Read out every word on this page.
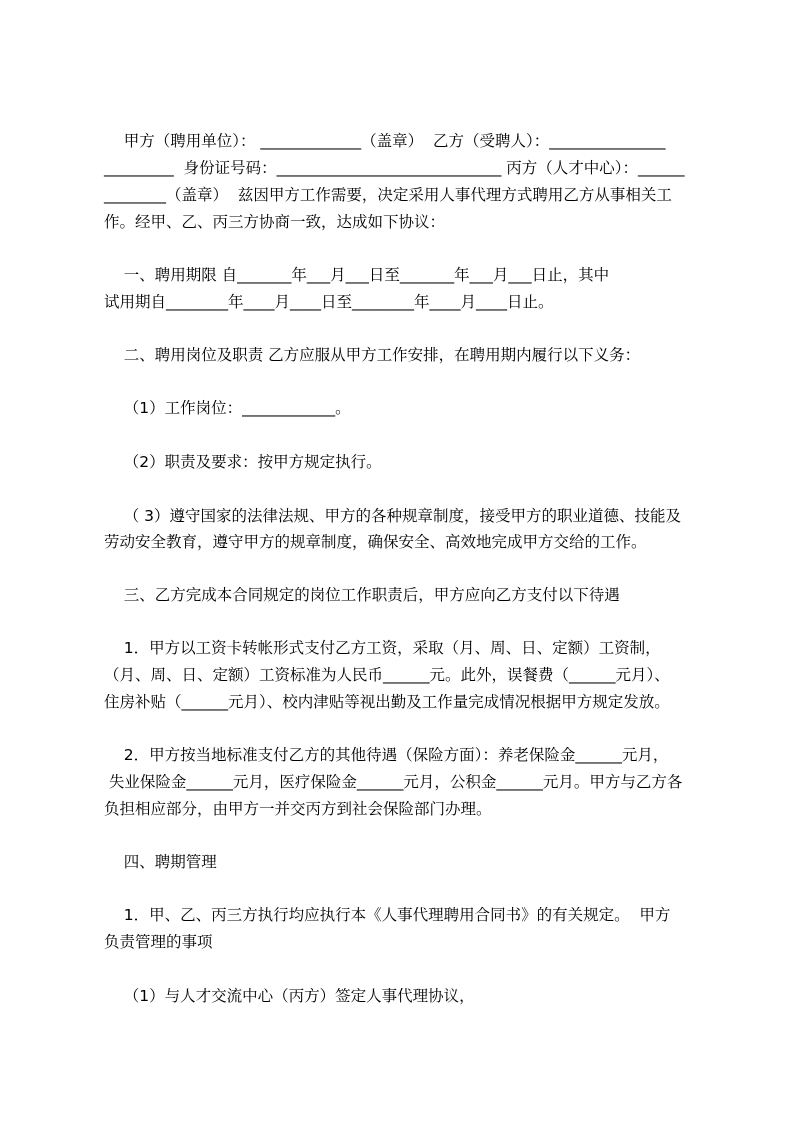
甲方（聘用单位）： _____________（盖章）  乙方（受聘人）：_______________
_________  身份证号码：_____________________________ 丙方（人才中心）：______
________（盖章）  兹因甲方工作需要，决定采用人事代理方式聘用乙方从事相关工
作。经甲、乙、丙三方协商一致，达成如下协议：
一、聘用期限 自_______年___月___日至_______年___月___日止，其中
试用期自________年____月____日至________年____月____日止。
二、聘用岗位及职责 乙方应服从甲方工作安排，在聘用期内履行以下义务：
（1）工作岗位：____________。
（2）职责及要求：按甲方规定执行。
（ 3）遵守国家的法律法规、甲方的各种规章制度，接受甲方的职业道德、技能及
劳动安全教育，遵守甲方的规章制度，确保安全、高效地完成甲方交给的工作。
三、乙方完成本合同规定的岗位工作职责后，甲方应向乙方支付以下待遇
1．甲方以工资卡转帐形式支付乙方工资，采取（月、周、日、定额）工资制，
（月、周、日、定额）工资标准为人民币______元。此外，误餐费（______元月）、
住房补贴（______元月）、校内津贴等视出勤及工作量完成情况根据甲方规定发放。
2．甲方按当地标准支付乙方的其他待遇（保险方面）：养老保险金______元月，
失业保险金______元月，医疗保险金______元月，公积金______元月。甲方与乙方各
负担相应部分，由甲方一并交丙方到社会保险部门办理。
四、聘期管理
1．甲、乙、丙三方执行均应执行本《人事代理聘用合同书》的有关规定。  甲方
负责管理的事项
（1）与人才交流中心（丙方）签定人事代理协议，
